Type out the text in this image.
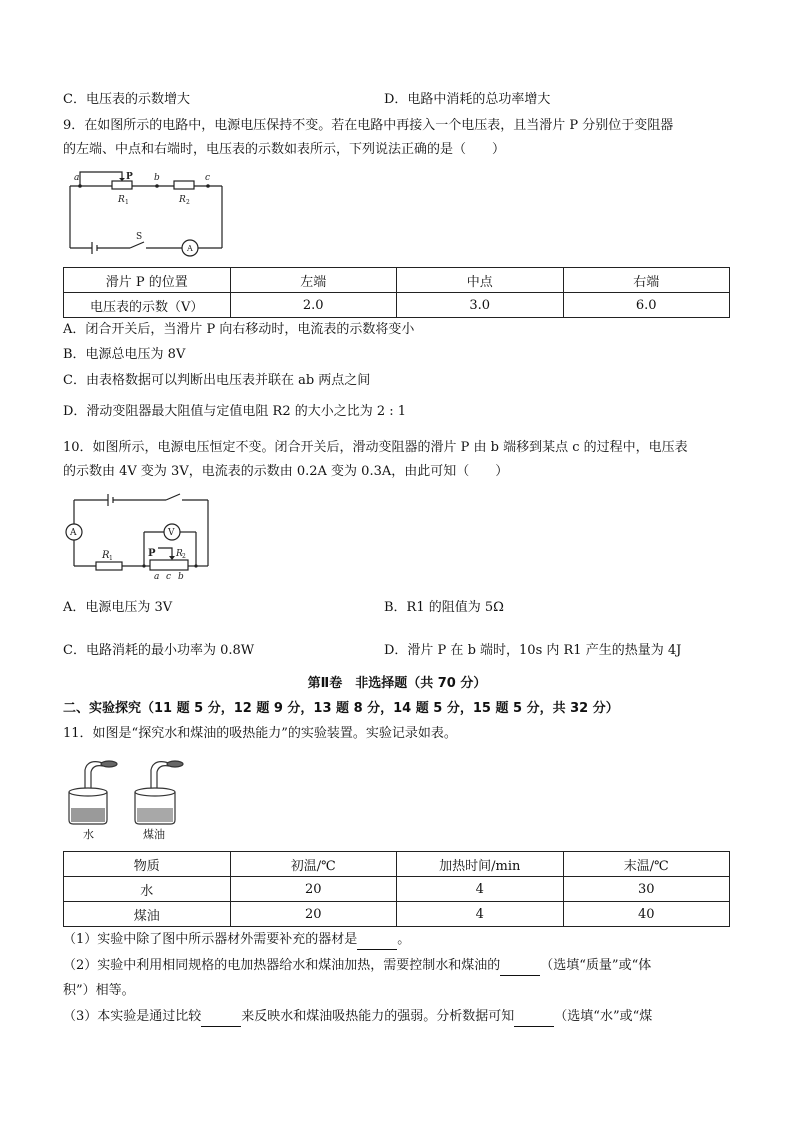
C．电压表的示数增大	D．电路中消耗的总功率增大
9．在如图所示的电路中，电源电压保持不变。若在电路中再接入一个电压表，且当滑片 P 分别位于变阻器
的左端、中点和右端时，电压表的示数如表所示，下列说法正确的是（　　）
a	P b	c
R 1	R 2
S
A
滑片 P 的位置	左端	中点	右端
电压表的示数（V）	2.0	3.0	6.0
A．闭合开关后，当滑片 P 向右移动时，电流表的示数将变小
B．电源总电压为 8V
C．由表格数据可以判断出电压表并联在 ab 两点之间
D．滑动变阻器最大阻值与定值电阻 R2 的大小之比为 2 : 1
10．如图所示，电源电压恒定不变。闭合开关后，滑动变阻器的滑片 P 由 b 端移到某点 c 的过程中，电压表
的示数由 4V 变为 3V，电流表的示数由 0.2A 变为 0.3A，由此可知（　　）
A	V
R 1	P R 2
a c b
A．电源电压为 3V	B．R1 的阻值为 5Ω
C．电路消耗的最小功率为 0.8W	D．滑片 P 在 b 端时，10s 内 R1 产生的热量为 4J
第Ⅱ卷　非选择题（共 70 分）
二、实验探究（11 题 5 分，12 题 9 分，13 题 8 分，14 题 5 分，15 题 5 分，共 32 分）
11．如图是“探究水和煤油的吸热能力”的实验装置。实验记录如表。
水	煤油
物质	初温/℃	加热时间/min	末温/℃
水	20	4	30
煤油	20	4	40
（1）实验中除了图中所示器材外需要补充的器材是	。
（2）实验中利用相同规格的电加热器给水和煤油加热，需要控制水和煤油的	（选填“质量”或“体
积”）相等。
（3）本实验是通过比较	来反映水和煤油吸热能力的强弱。分析数据可知	（选填“水”或“煤
